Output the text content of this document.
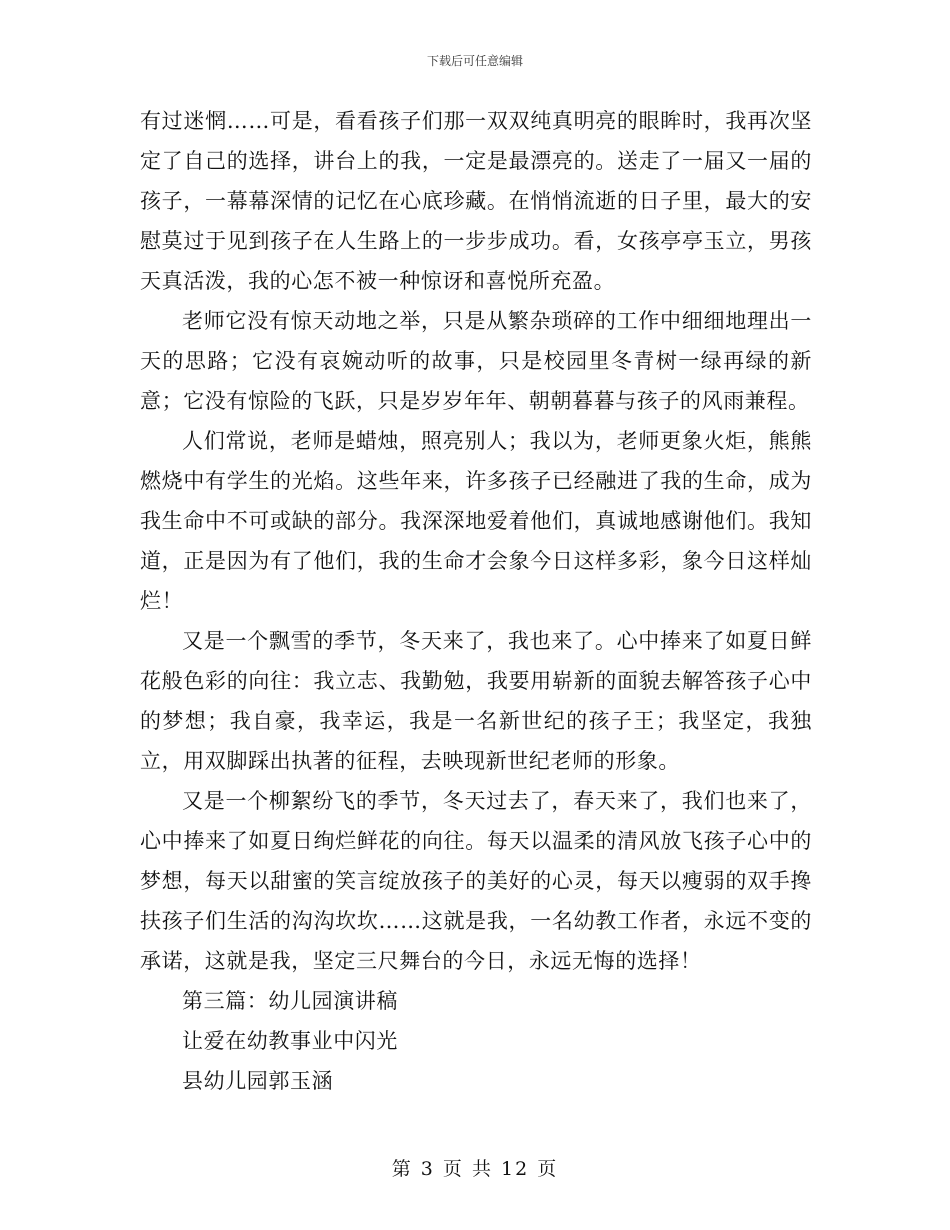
下载后可任意编辑

有过迷惘……可是，看看孩子们那一双双纯真明亮的眼眸时，我再次坚定了自己的选择，讲台上的我，一定是最漂亮的。送走了一届又一届的孩子，一幕幕深情的记忆在心底珍藏。在悄悄流逝的日子里，最大的安慰莫过于见到孩子在人生路上的一步步成功。看，女孩亭亭玉立，男孩天真活泼，我的心怎不被一种惊讶和喜悦所充盈。

老师它没有惊天动地之举，只是从繁杂琐碎的工作中细细地理出一天的思路；它没有哀婉动听的故事，只是校园里冬青树一绿再绿的新意；它没有惊险的飞跃，只是岁岁年年、朝朝暮暮与孩子的风雨兼程。

人们常说，老师是蜡烛，照亮别人；我以为，老师更象火炬，熊熊燃烧中有学生的光焰。这些年来，许多孩子已经融进了我的生命，成为我生命中不可或缺的部分。我深深地爱着他们，真诚地感谢他们。我知道，正是因为有了他们，我的生命才会象今日这样多彩，象今日这样灿烂！

又是一个飘雪的季节，冬天来了，我也来了。心中捧来了如夏日鲜花般色彩的向往：我立志、我勤勉，我要用崭新的面貌去解答孩子心中的梦想；我自豪，我幸运，我是一名新世纪的孩子王；我坚定，我独立，用双脚踩出执著的征程，去映现新世纪老师的形象。

又是一个柳絮纷飞的季节，冬天过去了，春天来了，我们也来了，心中捧来了如夏日绚烂鲜花的向往。每天以温柔的清风放飞孩子心中的梦想，每天以甜蜜的笑言绽放孩子的美好的心灵，每天以瘦弱的双手搀扶孩子们生活的沟沟坎坎……这就是我，一名幼教工作者，永远不变的承诺，这就是我，坚定三尺舞台的今日，永远无悔的选择！

第三篇：幼儿园演讲稿

让爱在幼教事业中闪光

县幼儿园郭玉涵

第 3 页 共 12 页
